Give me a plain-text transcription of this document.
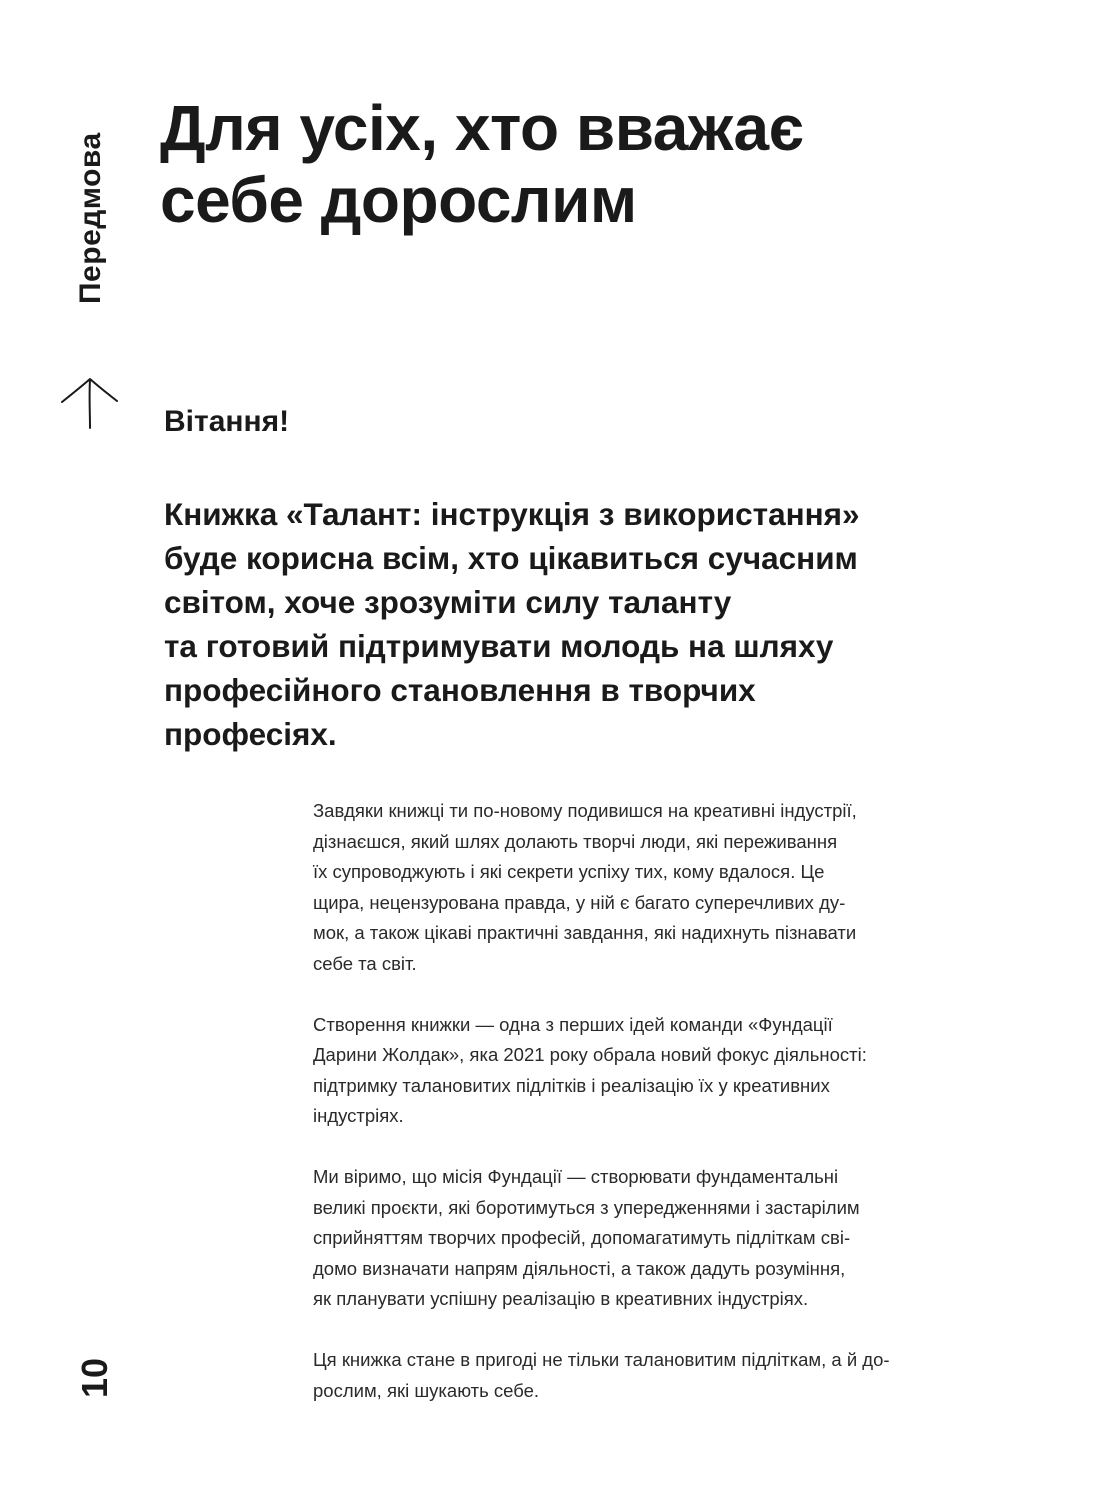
Передмова
Для усіх, хто вважає
себе дорослим
Вітання!
Книжка «Талант: інструкція з використання»
буде корисна всім, хто цікавиться сучасним
світом, хоче зрозуміти силу таланту
та готовий підтримувати молодь на шляху
професійного становлення в творчих
професіях.
Завдяки книжці ти по-новому подивишся на креативні індустрії,
дізнаєшся, який шлях долають творчі люди, які переживання
їх супроводжують і які секрети успіху тих, кому вдалося. Це
щира, нецензурована правда, у ній є багато суперечливих ду-
мок, а також цікаві практичні завдання, які надихнуть пізнавати
себе та світ.
Створення книжки — одна з перших ідей команди «Фундації
Дарини Жолдак», яка 2021 року обрала новий фокус діяльності:
підтримку талановитих підлітків і реалізацію їх у креативних
індустріях.
Ми віримо, що місія Фундації — створювати фундаментальні
великі проєкти, які боротимуться з упередженнями і застарілим
сприйняттям творчих професій, допомагатимуть підліткам сві-
домо визначати напрям діяльності, а також дадуть розуміння,
як планувати успішну реалізацію в креативних індустріях.
Ця книжка стане в пригоді не тільки талановитим підліткам, а й до-
рослим, які шукають себе.
10
